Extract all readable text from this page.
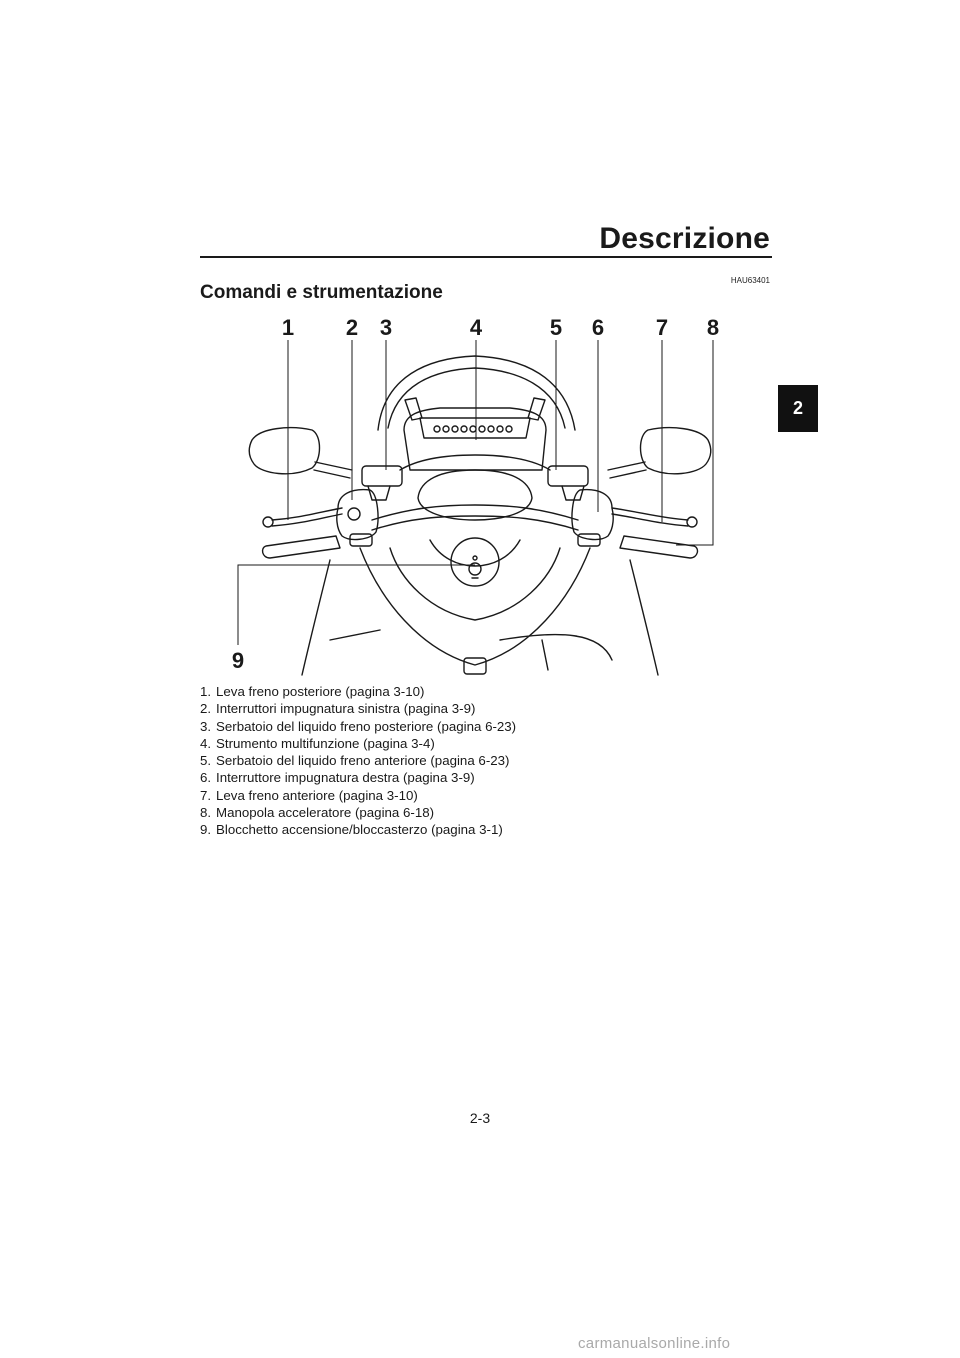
Descrizione
2
HAU63401
Comandi e strumentazione
1 2 3	4	5 6 7 8
9
1. Leva freno posteriore (pagina 3-10)
2. Interruttori impugnatura sinistra (pagina 3-9)
3. Serbatoio del liquido freno posteriore (pagina 6-23)
4. Strumento multifunzione (pagina 3-4)
5. Serbatoio del liquido freno anteriore (pagina 6-23)
6. Interruttore impugnatura destra (pagina 3-9)
7. Leva freno anteriore (pagina 3-10)
8. Manopola acceleratore (pagina 6-18)
9. Blocchetto accensione/bloccasterzo (pagina 3-1)
2-3
carmanualsonline.info
